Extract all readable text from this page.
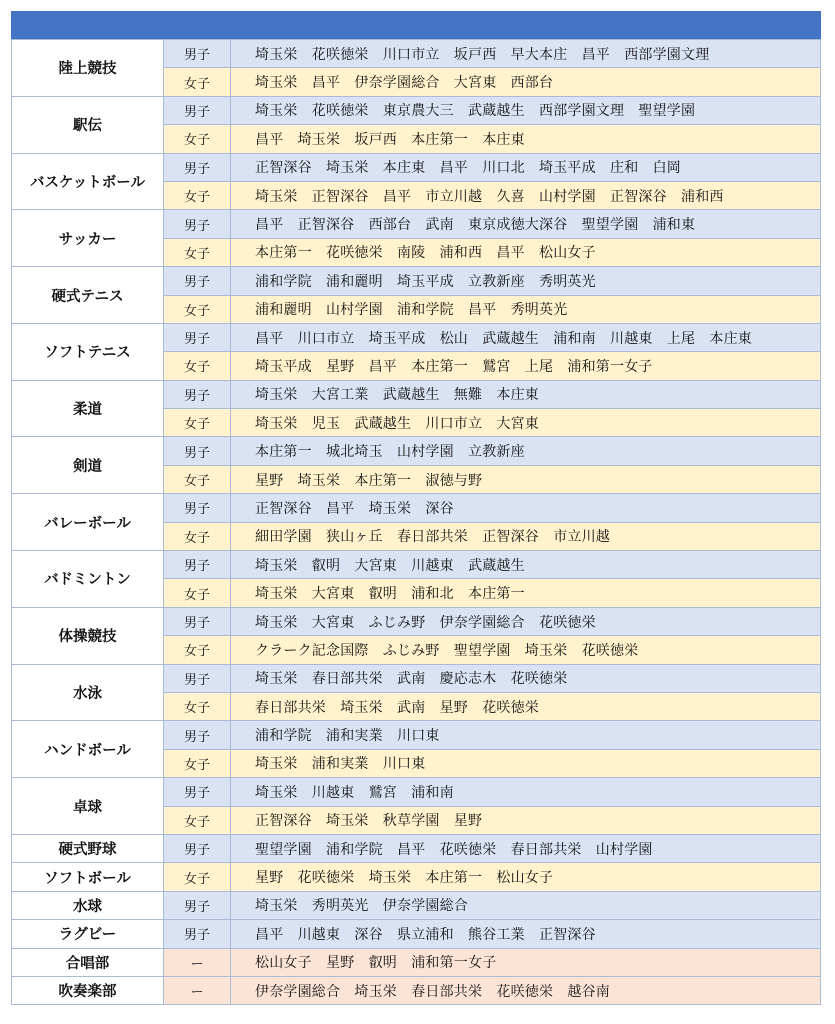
陸上競技	男子	埼玉栄　花咲徳栄　川口市立　坂戸西　早大本庄　昌平　西部学園文理
	女子	埼玉栄　昌平　伊奈学園総合　大宮東　西部台
駅伝	男子	埼玉栄　花咲徳栄　東京農大三　武蔵越生　西部学園文理　聖望学園
	女子	昌平　埼玉栄　坂戸西　本庄第一　本庄東
バスケットボール	男子	正智深谷　埼玉栄　本庄東　昌平　川口北　埼玉平成　庄和　白岡
	女子	埼玉栄　正智深谷　昌平　市立川越　久喜　山村学園　正智深谷　浦和西
サッカー	男子	昌平　正智深谷　西部台　武南　東京成徳大深谷　聖望学園　浦和東
	女子	本庄第一　花咲徳栄　南陵　浦和西　昌平　松山女子
硬式テニス	男子	浦和学院　浦和麗明　埼玉平成　立教新座　秀明英光
	女子	浦和麗明　山村学園　浦和学院　昌平　秀明英光
ソフトテニス	男子	昌平　川口市立　埼玉平成　松山　武蔵越生　浦和南　川越東　上尾　本庄東
	女子	埼玉平成　星野　昌平　本庄第一　鷲宮　上尾　浦和第一女子
柔道	男子	埼玉栄　大宮工業　武蔵越生　無難　本庄東
	女子	埼玉栄　児玉　武蔵越生　川口市立　大宮東
剣道	男子	本庄第一　城北埼玉　山村学園　立教新座
	女子	星野　埼玉栄　本庄第一　淑徳与野
バレーボール	男子	正智深谷　昌平　埼玉栄　深谷
	女子	細田学園　狭山ヶ丘　春日部共栄　正智深谷　市立川越
バドミントン	男子	埼玉栄　叡明　大宮東　川越東　武蔵越生
	女子	埼玉栄　大宮東　叡明　浦和北　本庄第一
体操競技	男子	埼玉栄　大宮東　ふじみ野　伊奈学園総合　花咲徳栄
	女子	クラーク記念国際　ふじみ野　聖望学園　埼玉栄　花咲徳栄
水泳	男子	埼玉栄　春日部共栄　武南　慶応志木　花咲徳栄
	女子	春日部共栄　埼玉栄　武南　星野　花咲徳栄
ハンドボール	男子	浦和学院　浦和実業　川口東
	女子	埼玉栄　浦和実業　川口東
卓球	男子	埼玉栄　川越東　鷲宮　浦和南
	女子	正智深谷　埼玉栄　秋草学園　星野
硬式野球	男子	聖望学園　浦和学院　昌平　花咲徳栄　春日部共栄　山村学園
ソフトボール	女子	星野　花咲徳栄　埼玉栄　本庄第一　松山女子
水球	男子	埼玉栄　秀明英光　伊奈学園総合
ラグビー	男子	昌平　川越東　深谷　県立浦和　熊谷工業　正智深谷
合唱部	ー	松山女子　星野　叡明　浦和第一女子
吹奏楽部	ー	伊奈学園総合　埼玉栄　春日部共栄　花咲徳栄　越谷南
